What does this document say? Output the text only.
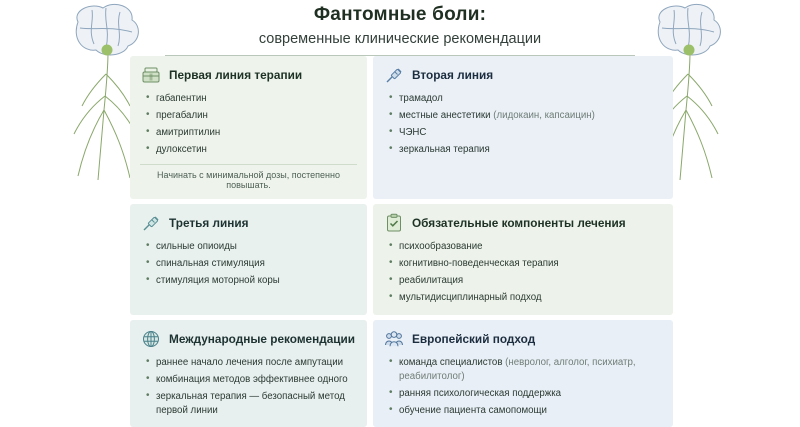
Фантомные боли:
современные клинические рекомендации
Первая линия терапии
• габапентин
• прегабалин
• амитриптилин
• дулоксетин
Начинать с минимальной дозы, постепенно повышать.
Вторая линия
• трамадол
• местные анестетики (лидокаин, капсаицин)
• ЧЭНС
• зеркальная терапия
Третья линия
• сильные опиоиды
• спинальная стимуляция
• стимуляция моторной коры
Обязательные компоненты лечения
• психообразование
• когнитивно-поведенческая терапия
• реабилитация
• мультидисциплинарный подход
Международные рекомендации
• раннее начало лечения после ампутации
• комбинация методов эффективнее одного
• зеркальная терапия — безопасный метод первой линии
Европейский подход
• команда специалистов (невролог, алголог, психиатр, реабилитолог)
• ранняя психологическая поддержка
• обучение пациента самопомощи
